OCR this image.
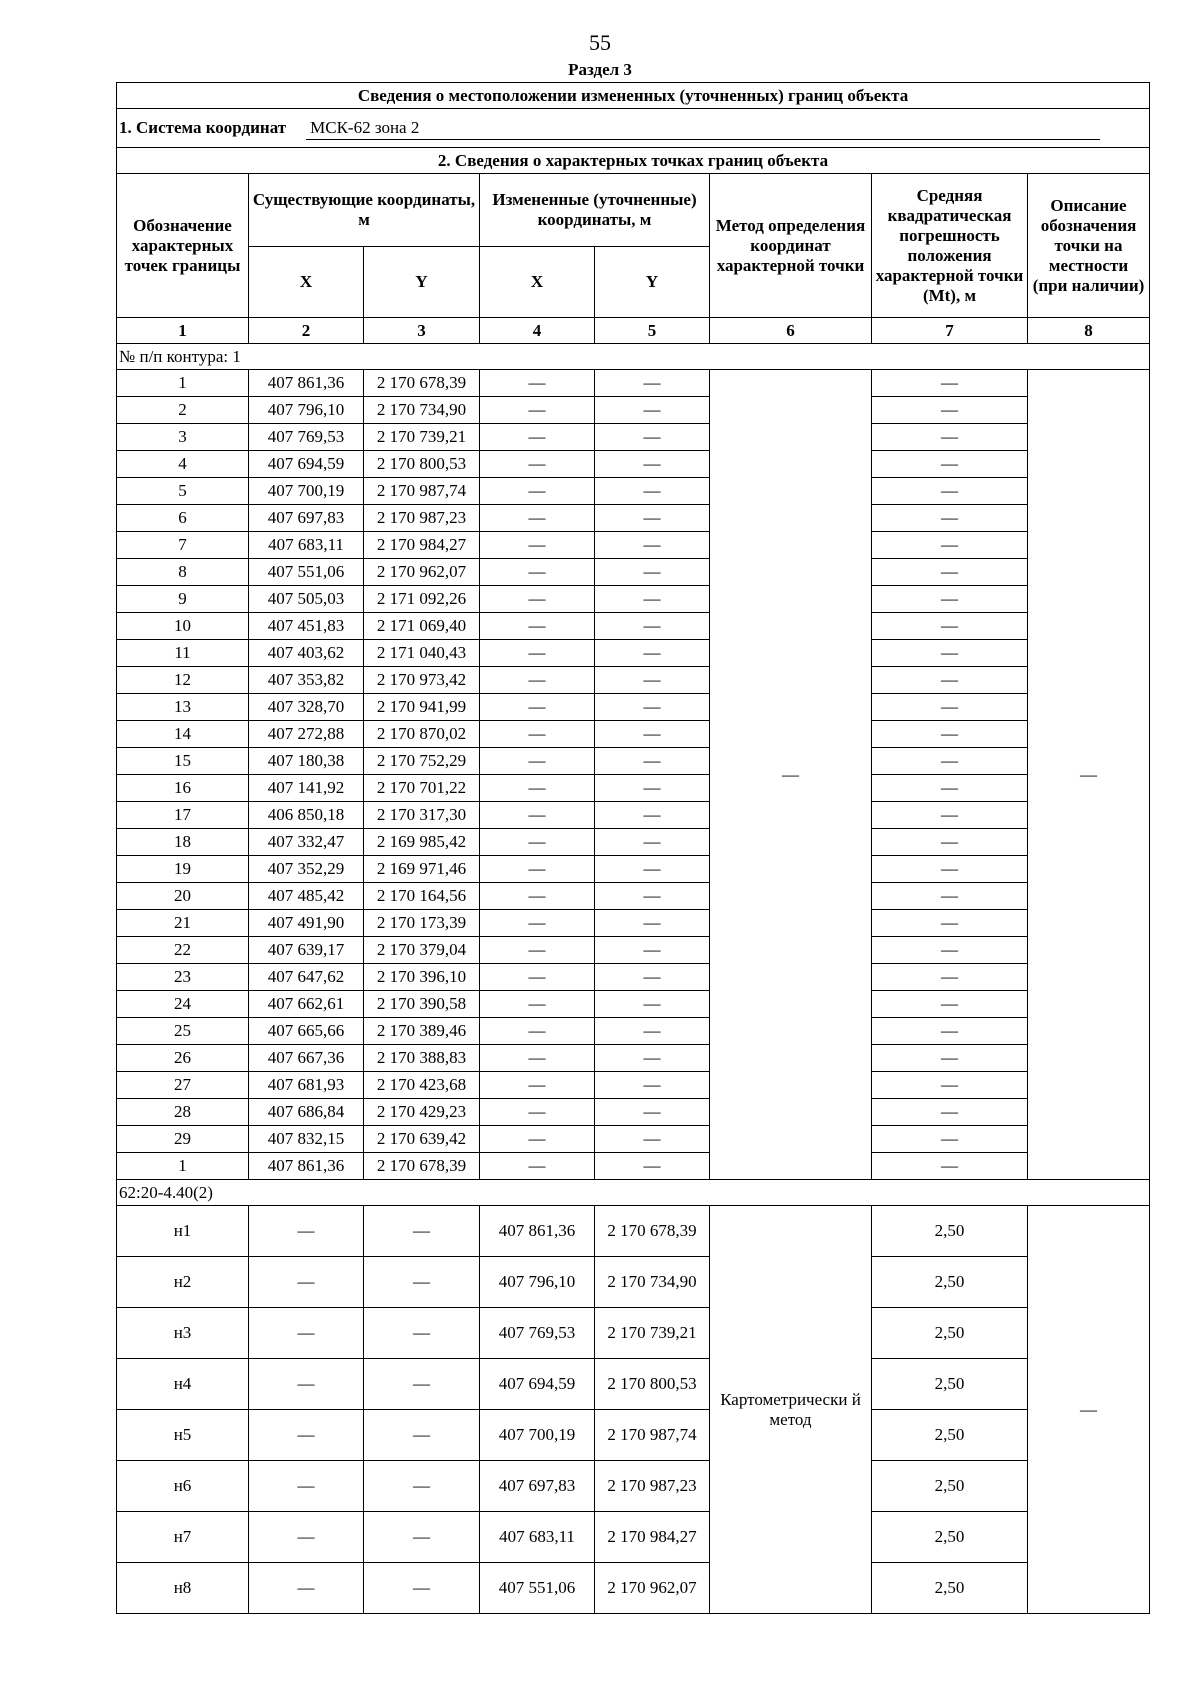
55
Раздел 3
Сведения о местоположении измененных (уточненных) границ объекта							
1. Система координат МСК-62 зона 2							
2. Сведения о характерных точках границ объекта							
Обозначение характерных точек границы	Существующие координаты, м		Измененные (уточненные) координаты, м		Метод определения координат характерной точки	Средняя квадратическая погрешность положения характерной точки (Mt), м	Описание обозначения точки на местности (при наличии)
	X	Y	X	Y			
1	2	3	4	5	6	7	8
№ п/п контура: 1							
1	407 861,36	2 170 678,39	—	—	—	—	—
2	407 796,10	2 170 734,90	—	—		—	
3	407 769,53	2 170 739,21	—	—		—	
4	407 694,59	2 170 800,53	—	—		—	
5	407 700,19	2 170 987,74	—	—		—	
6	407 697,83	2 170 987,23	—	—		—	
7	407 683,11	2 170 984,27	—	—		—	
8	407 551,06	2 170 962,07	—	—		—	
9	407 505,03	2 171 092,26	—	—		—	
10	407 451,83	2 171 069,40	—	—		—	
11	407 403,62	2 171 040,43	—	—		—	
12	407 353,82	2 170 973,42	—	—		—	
13	407 328,70	2 170 941,99	—	—		—	
14	407 272,88	2 170 870,02	—	—		—	
15	407 180,38	2 170 752,29	—	—		—	
16	407 141,92	2 170 701,22	—	—		—	
17	406 850,18	2 170 317,30	—	—		—	
18	407 332,47	2 169 985,42	—	—		—	
19	407 352,29	2 169 971,46	—	—		—	
20	407 485,42	2 170 164,56	—	—		—	
21	407 491,90	2 170 173,39	—	—		—	
22	407 639,17	2 170 379,04	—	—		—	
23	407 647,62	2 170 396,10	—	—		—	
24	407 662,61	2 170 390,58	—	—		—	
25	407 665,66	2 170 389,46	—	—		—	
26	407 667,36	2 170 388,83	—	—		—	
27	407 681,93	2 170 423,68	—	—		—	
28	407 686,84	2 170 429,23	—	—		—	
29	407 832,15	2 170 639,42	—	—		—	
1	407 861,36	2 170 678,39	—	—		—	
62:20-4.40(2)							
н1	—	—	407 861,36	2 170 678,39	Картометрически й метод	2,50	—
н2	—	—	407 796,10	2 170 734,90		2,50	
н3	—	—	407 769,53	2 170 739,21		2,50	
н4	—	—	407 694,59	2 170 800,53		2,50	
н5	—	—	407 700,19	2 170 987,74		2,50	
н6	—	—	407 697,83	2 170 987,23		2,50	
н7	—	—	407 683,11	2 170 984,27		2,50	
н8	—	—	407 551,06	2 170 962,07		2,50	
